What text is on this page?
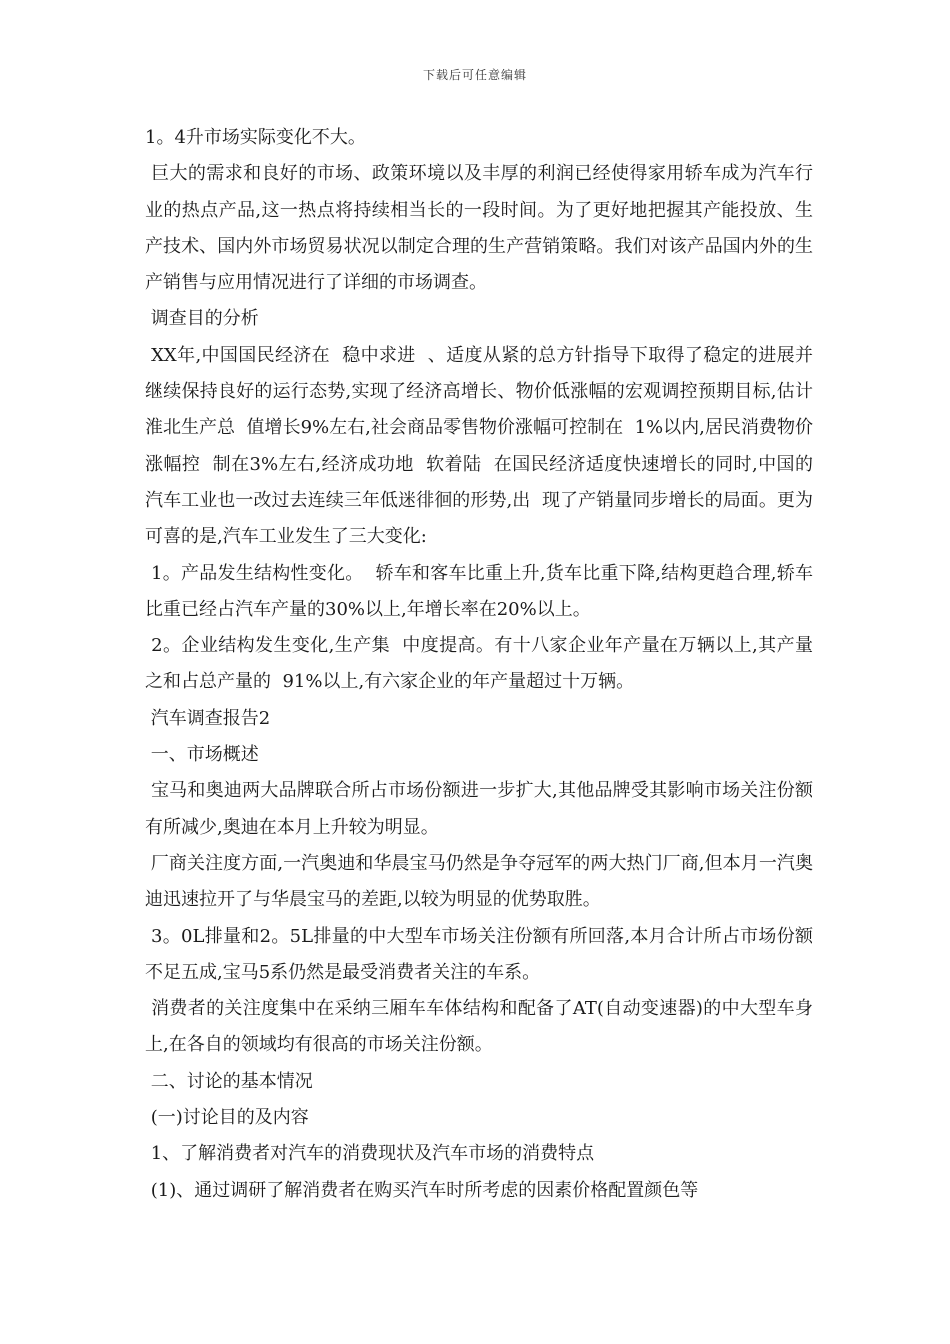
下载后可任意编辑

1。4升市场实际变化不大。

巨大的需求和良好的市场、政策环境以及丰厚的利润已经使得家用轿车成为汽车行业的热点产品,这一热点将持续相当长的一段时间。为了更好地把握其产能投放、生产技术、国内外市场贸易状况以制定合理的生产营销策略。我们对该产品国内外的生产销售与应用情况进行了详细的市场调查。

调查目的分析

XX年,中国国民经济在  稳中求进  、适度从紧的总方针指导下取得了稳定的进展并  继续保持良好的运行态势,实现了经济高增长、物价低涨幅的宏观调控预期目标,估计淮北生产总  值增长9%左右,社会商品零售物价涨幅可控制在  1%以内,居民消费物价涨幅控  制在3%左右,经济成功地  软着陆  在国民经济适度快速增长的同时,中国的汽车工业也一改过去连续三年低迷徘徊的形势,出  现了产销量同步增长的局面。更为可喜的是,汽车工业发生了三大变化:

1。产品发生结构性变化。  轿车和客车比重上升,货车比重下降,结构更趋合理,轿车比重已经占汽车产量的30%以上,年增长率在20%以上。

2。企业结构发生变化,生产集  中度提高。有十八家企业年产量在万辆以上,其产量之和占总产量的  91%以上,有六家企业的年产量超过十万辆。

汽车调查报告2

一、市场概述

宝马和奥迪两大品牌联合所占市场份额进一步扩大,其他品牌受其影响市场关注份额有所减少,奥迪在本月上升较为明显。

厂商关注度方面,一汽奥迪和华晨宝马仍然是争夺冠军的两大热门厂商,但本月一汽奥迪迅速拉开了与华晨宝马的差距,以较为明显的优势取胜。

3。0L排量和2。5L排量的中大型车市场关注份额有所回落,本月合计所占市场份额不足五成,宝马5系仍然是最受消费者关注的车系。

消费者的关注度集中在采纳三厢车车体结构和配备了AT(自动变速器)的中大型车身上,在各自的领域均有很高的市场关注份额。

二、讨论的基本情况

(一)讨论目的及内容

1、了解消费者对汽车的消费现状及汽车市场的消费特点

(1)、通过调研了解消费者在购买汽车时所考虑的因素价格配置颜色等
